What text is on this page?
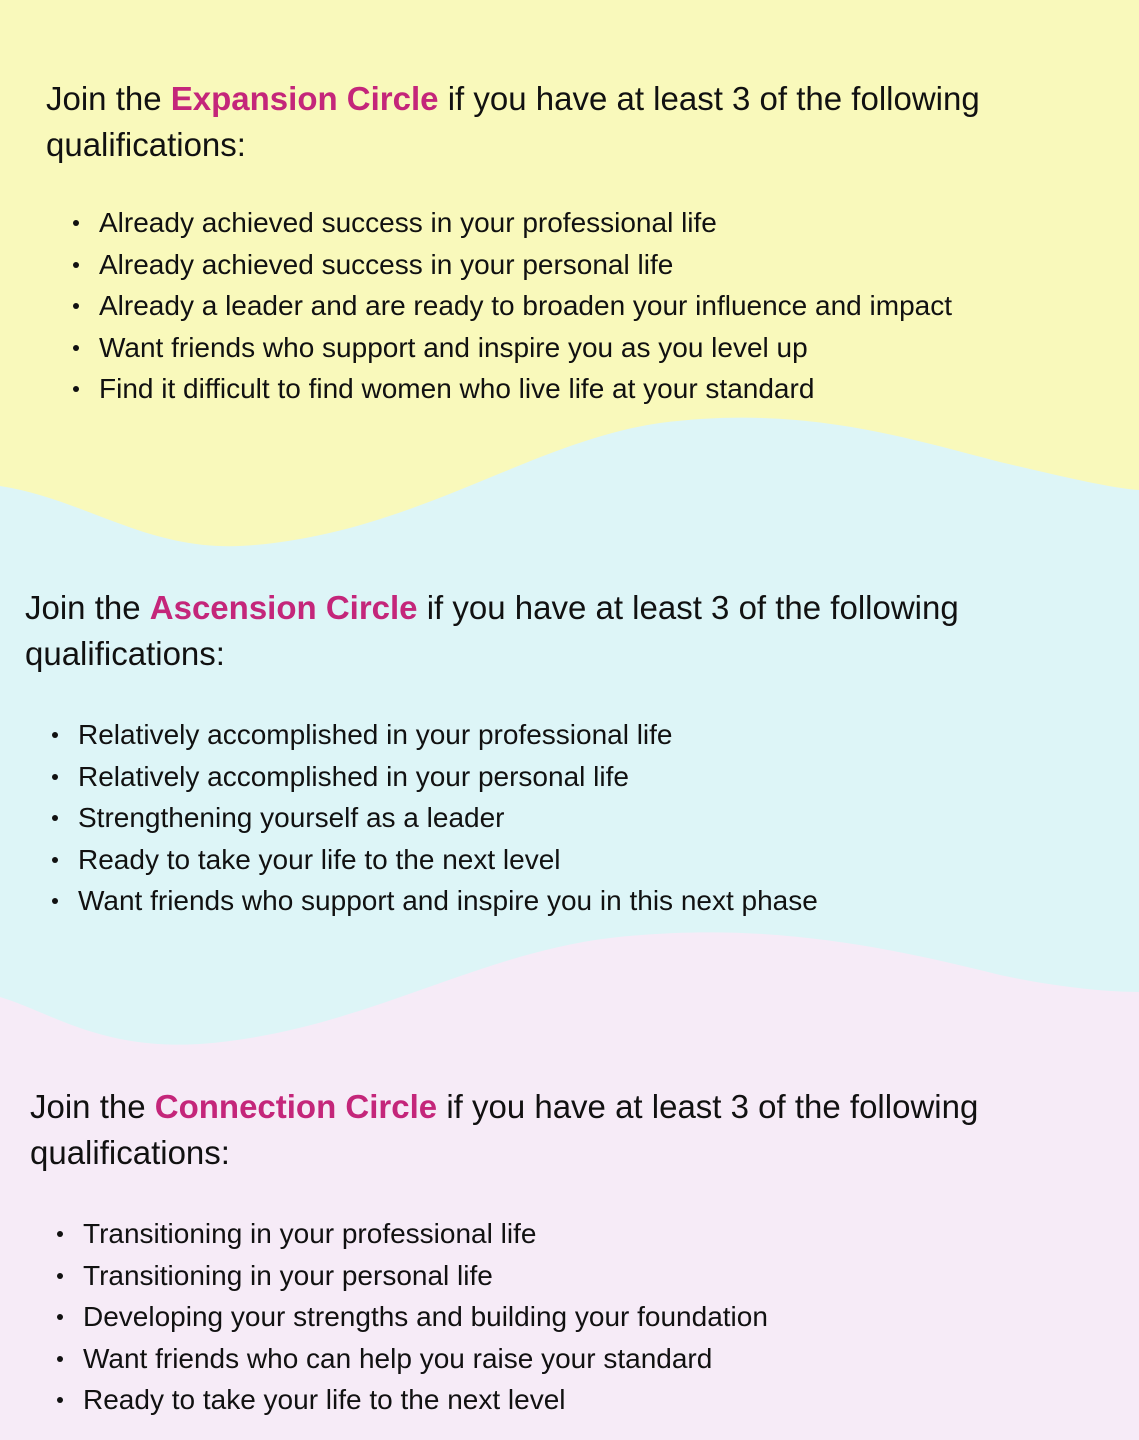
Join the Expansion Circle if you have at least 3 of the following qualifications:
Already achieved success in your professional life
Already achieved success in your personal life
Already a leader and are ready to broaden your influence and impact
Want friends who support and inspire you as you level up
Find it difficult to find women who live life at your standard
Join the Ascension Circle if you have at least 3 of the following qualifications:
Relatively accomplished in your professional life
Relatively accomplished in your personal life
Strengthening yourself as a leader
Ready to take your life to the next level
Want friends who support and inspire you in this next phase
Join the Connection Circle if you have at least 3 of the following qualifications:
Transitioning in your professional life
Transitioning in your personal life
Developing your strengths and building your foundation
Want friends who can help you raise your standard
Ready to take your life to the next level
